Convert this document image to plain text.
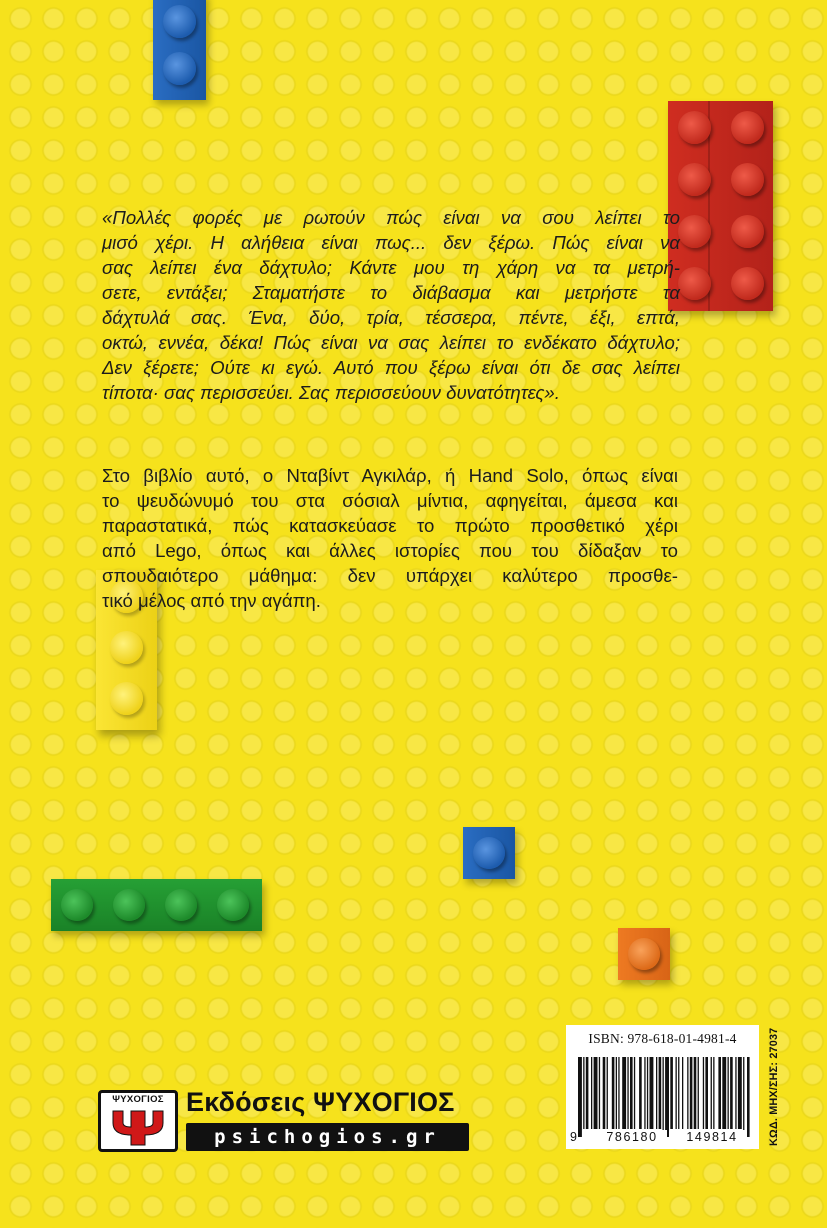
«Πολλές φορές με ρωτούν πώς είναι να σου λείπει το
μισό χέρι. Η αλήθεια είναι πως... δεν ξέρω. Πώς είναι να
σας λείπει ένα δάχτυλο; Κάντε μου τη χάρη να τα μετρή-
σετε, εντάξει; Σταματήστε το διάβασμα και μετρήστε τα
δάχτυλά σας. Ένα, δύο, τρία, τέσσερα, πέντε, έξι, επτά,
οκτώ, εννέα, δέκα! Πώς είναι να σας λείπει το ενδέκατο δάχτυλο;
Δεν ξέρετε; Ούτε κι εγώ. Αυτό που ξέρω είναι ότι δε σας λείπει
τίποτα· σας περισσεύει. Σας περισσεύουν δυνατότητες».
Στο βιβλίο αυτό, ο Νταβίντ Αγκιλάρ, ή Hand Solo, όπως είναι
το ψευδώνυμό του στα σόσιαλ μίντια, αφηγείται, άμεσα και
παραστατικά, πώς κατασκεύασε το πρώτο προσθετικό χέρι
από Lego, όπως και άλλες ιστορίες που του δίδαξαν το
σπουδαιότερο μάθημα: δεν υπάρχει καλύτερο προσθε-
τικό μέλος από την αγάπη.
ΨΥΧΟΓΙΟΣ Εκδόσεις ΨΥΧΟΓΙΟΣ
psichogios.gr
ISBN: 978-618-01-4981-4
9	786180	149814	ΚΩΔ. ΜΗΧ/ΣΗΣ: 27037
